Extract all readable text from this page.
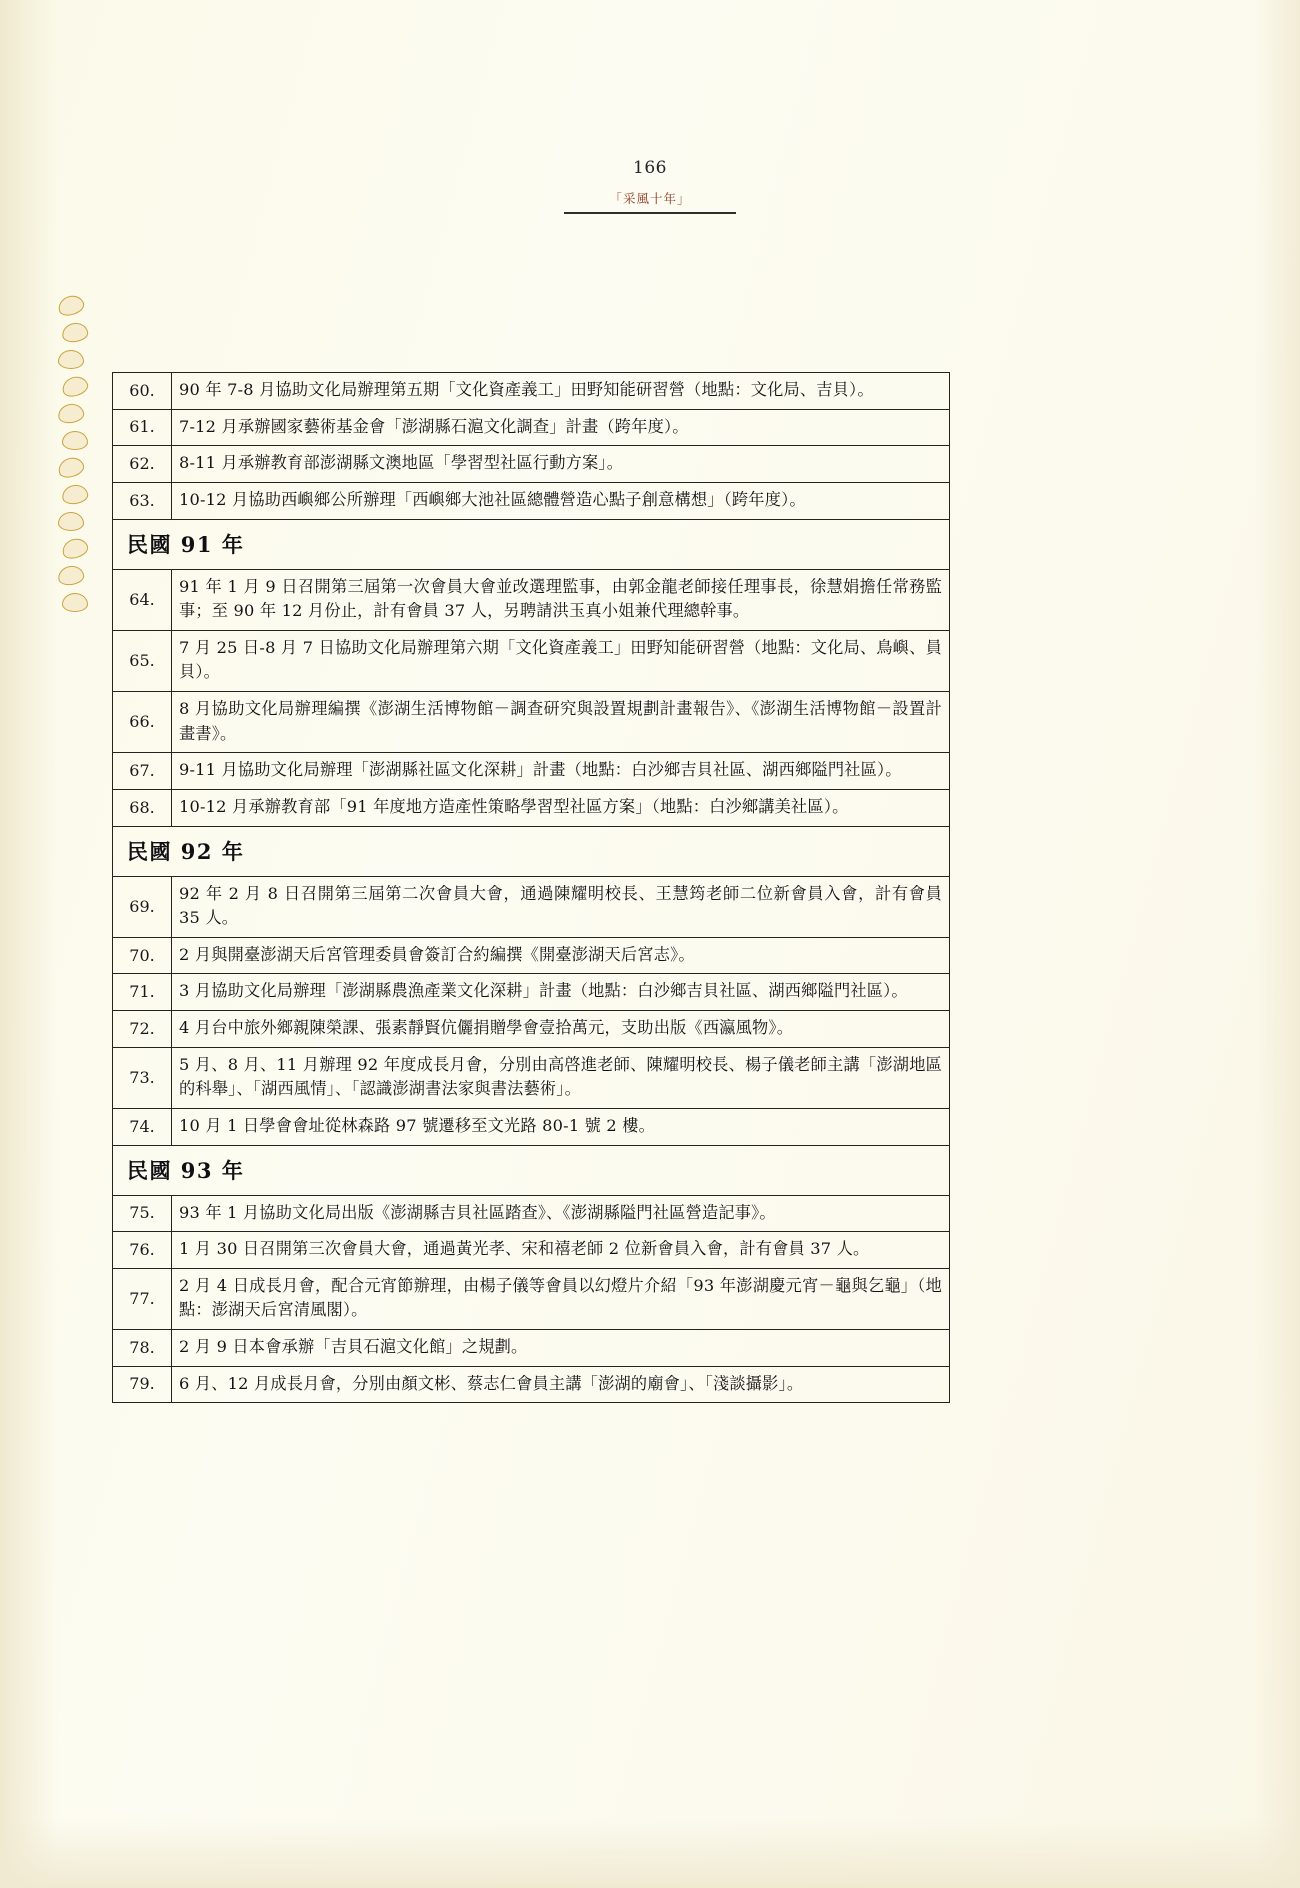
166
「采風十年」
60.	90 年 7-8 月協助文化局辦理第五期「文化資產義工」田野知能研習營（地點：文化局、吉貝）。
61.	7-12 月承辦國家藝術基金會「澎湖縣石滬文化調查」計畫（跨年度）。
62.	8-11 月承辦教育部澎湖縣文澳地區「學習型社區行動方案」。
63.	10-12 月協助西嶼鄉公所辦理「西嶼鄉大池社區總體營造心點子創意構想」（跨年度）。
民國 91 年	
64.	91 年 1 月 9 日召開第三屆第一次會員大會並改選理監事，由郭金龍老師接任理事長，徐慧娟擔任常務監事；至 90 年 12 月份止，計有會員 37 人，另聘請洪玉真小姐兼代理總幹事。
65.	7 月 25 日-8 月 7 日協助文化局辦理第六期「文化資產義工」田野知能研習營（地點：文化局、鳥嶼、員貝）。
66.	8 月協助文化局辦理編撰《澎湖生活博物館－調查研究與設置規劃計畫報告》、《澎湖生活博物館－設置計畫書》。
67.	9-11 月協助文化局辦理「澎湖縣社區文化深耕」計畫（地點：白沙鄉吉貝社區、湖西鄉隘門社區）。
68.	10-12 月承辦教育部「91 年度地方造產性策略學習型社區方案」（地點：白沙鄉講美社區）。
民國 92 年	
69.	92 年 2 月 8 日召開第三屆第二次會員大會，通過陳耀明校長、王慧筠老師二位新會員入會，計有會員 35 人。
70.	2 月與開臺澎湖天后宮管理委員會簽訂合約編撰《開臺澎湖天后宮志》。
71.	3 月協助文化局辦理「澎湖縣農漁產業文化深耕」計畫（地點：白沙鄉吉貝社區、湖西鄉隘門社區）。
72.	4 月台中旅外鄉親陳榮課、張素靜賢伉儷捐贈學會壹拾萬元，支助出版《西瀛風物》。
73.	5 月、8 月、11 月辦理 92 年度成長月會，分別由高啓進老師、陳耀明校長、楊子儀老師主講「澎湖地區的科舉」、「湖西風情」、「認識澎湖書法家與書法藝術」。
74.	10 月 1 日學會會址從林森路 97 號遷移至文光路 80-1 號 2 樓。
民國 93 年	
75.	93 年 1 月協助文化局出版《澎湖縣吉貝社區踏查》、《澎湖縣隘門社區營造記事》。
76.	1 月 30 日召開第三次會員大會，通過黃光孝、宋和禧老師 2 位新會員入會，計有會員 37 人。
77.	2 月 4 日成長月會，配合元宵節辦理，由楊子儀等會員以幻燈片介紹「93 年澎湖慶元宵－龜與乞龜」（地點：澎湖天后宮清風閣）。
78.	2 月 9 日本會承辦「吉貝石滬文化館」之規劃。
79.	6 月、12 月成長月會，分別由顏文彬、蔡志仁會員主講「澎湖的廟會」、「淺談攝影」。
